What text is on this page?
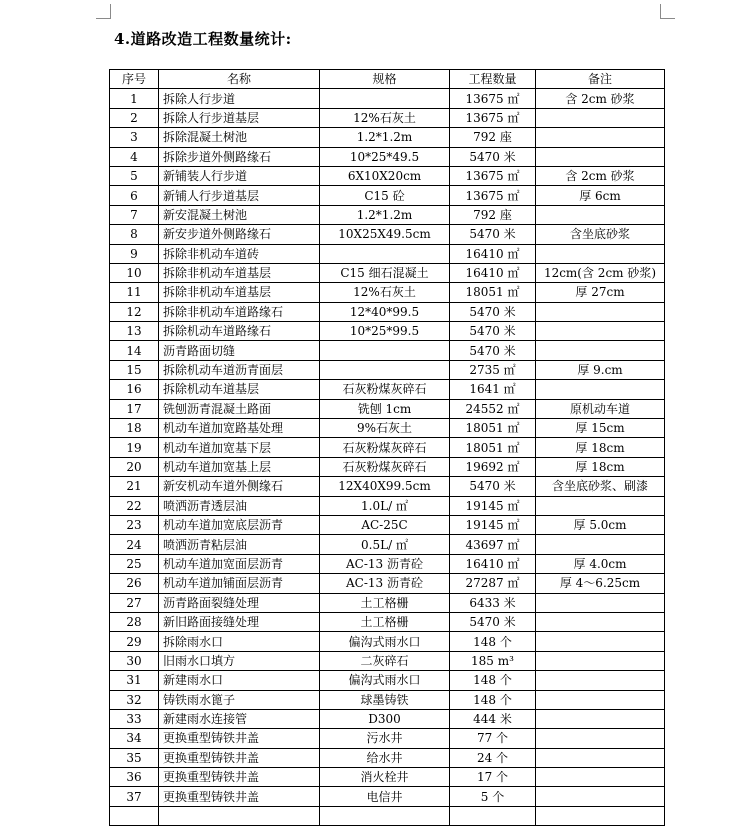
4.道路改造工程数量统计:
序号	名称	规格	工程数量	备注
1	拆除人行步道		13675 ㎡	含 2cm 砂浆
2	拆除人行步道基层	12%石灰土	13675 ㎡	
3	拆除混凝土树池	1.2*1.2m	792 座	
4	拆除步道外侧路缘石	10*25*49.5	5470 米	
5	新铺装人行步道	6X10X20cm	13675 ㎡	含 2cm 砂浆
6	新铺人行步道基层	C15 砼	13675 ㎡	厚 6cm
7	新安混凝土树池	1.2*1.2m	792 座	
8	新安步道外侧路缘石	10X25X49.5cm	5470 米	含坐底砂浆
9	拆除非机动车道砖		16410 ㎡	
10	拆除非机动车道基层	C15 细石混凝土	16410 ㎡	12cm(含 2cm 砂浆)
11	拆除非机动车道基层	12%石灰土	18051 ㎡	厚 27cm
12	拆除非机动车道路缘石	12*40*99.5	5470 米	
13	拆除机动车道路缘石	10*25*99.5	5470 米	
14	沥青路面切缝		5470 米	
15	拆除机动车道沥青面层		2735 ㎡	厚 9.cm
16	拆除机动车道基层	石灰粉煤灰碎石	1641 ㎡	
17	铣刨沥青混凝土路面	铣刨 1cm	24552 ㎡	原机动车道
18	机动车道加宽路基处理	9%石灰土	18051 ㎡	厚 15cm
19	机动车道加宽基下层	石灰粉煤灰碎石	18051 ㎡	厚 18cm
20	机动车道加宽基上层	石灰粉煤灰碎石	19692 ㎡	厚 18cm
21	新安机动车道外侧缘石	12X40X99.5cm	5470 米	含坐底砂浆、刷漆
22	喷洒沥青透层油	1.0L/ ㎡	19145 ㎡	
23	机动车道加宽底层沥青	AC-25C	19145 ㎡	厚 5.0cm
24	喷洒沥青粘层油	0.5L/ ㎡	43697 ㎡	
25	机动车道加宽面层沥青	AC-13 沥青砼	16410 ㎡	厚 4.0cm
26	机动车道加铺面层沥青	AC-13 沥青砼	27287 ㎡	厚 4～6.25cm
27	沥青路面裂缝处理	土工格栅	6433 米	
28	新旧路面接缝处理	土工格栅	5470 米	
29	拆除雨水口	偏沟式雨水口	148 个	
30	旧雨水口填方	二灰碎石	185 m³	
31	新建雨水口	偏沟式雨水口	148 个	
32	铸铁雨水篦子	球墨铸铁	148 个	
33	新建雨水连接管	D300	444 米	
34	更换重型铸铁井盖	污水井	77 个	
35	更换重型铸铁井盖	给水井	24 个	
36	更换重型铸铁井盖	消火栓井	17 个	
37	更换重型铸铁井盖	电信井	5 个	
